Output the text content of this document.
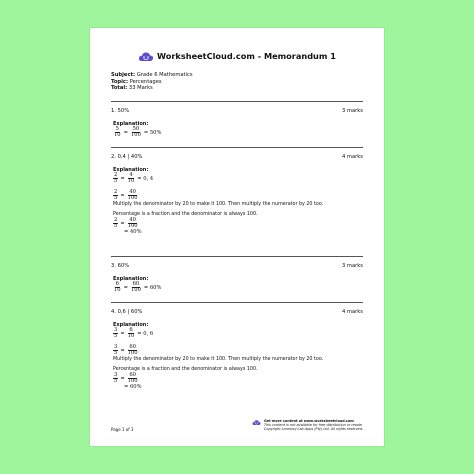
WorksheetCloud.com - Memorandum 1
Subject: Grade 6 Mathematics
Topic: Percentages
Total: 33 Marks
1. 50%	3 marks
Explanation:
$\frac{5}{10} = \frac{50}{100} = 50\%$
2. 0,4 | 40%	4 marks
Explanation:
$\frac{2}{5} = \frac{4}{10} = 0$, 4
$\frac{2}{5} = \frac{40}{100}$
Multiply the denominator by 20 to make it 100. Then multiply the numerator by 20 too.
Percentage is a fraction and the denominator is always 100.
$\frac{2}{5} = \frac{40}{100}$
= 40%
3. 60%	3 marks
Explanation:
$\frac{6}{10} = \frac{60}{100} = 60\%$
4. 0,6 | 60%	4 marks
Explanation:
$\frac{3}{5} = \frac{6}{10} = 0$, 6
$\frac{3}{5} = \frac{60}{100}$
Multiply the denominator by 20 to make it 100. Then multiply the numerator by 20 too.
Percentage is a fraction and the denominator is always 100.
$\frac{3}{5} = \frac{60}{100}$
= 60%
Page 1 of 3
Get more content at www.worksheetcloud.com
This content is not available for free distribution or resale.
Copyright Learning Lab Apps (Pty) Ltd. All rights reserved.
